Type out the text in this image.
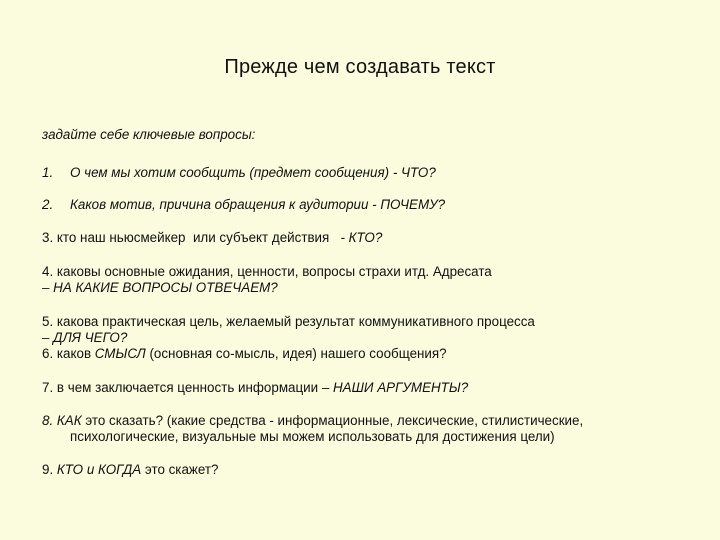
Прежде чем создавать текст
задайте себе ключевые вопросы:
1. О чем мы хотим сообщить (предмет сообщения) - ЧТО?
2. Каков мотив, причина обращения к аудитории - ПОЧЕМУ?
3. кто наш ньюсмейкер  или субъект действия   - КТО?
4. каковы основные ожидания, ценности, вопросы страхи итд. Адресата
– НА КАКИЕ ВОПРОСЫ ОТВЕЧАЕМ?
5. какова практическая цель, желаемый результат коммуникативного процесса
– ДЛЯ ЧЕГО?
6. каков СМЫСЛ (основная со-мысль, идея) нашего сообщения?
7. в чем заключается ценность информации – НАШИ АРГУМЕНТЫ?
8. КАК это сказать? (какие средства - информационные, лексические, стилистические,
психологические, визуальные мы можем использовать для достижения цели)
9. КТО и КОГДА это скажет?
